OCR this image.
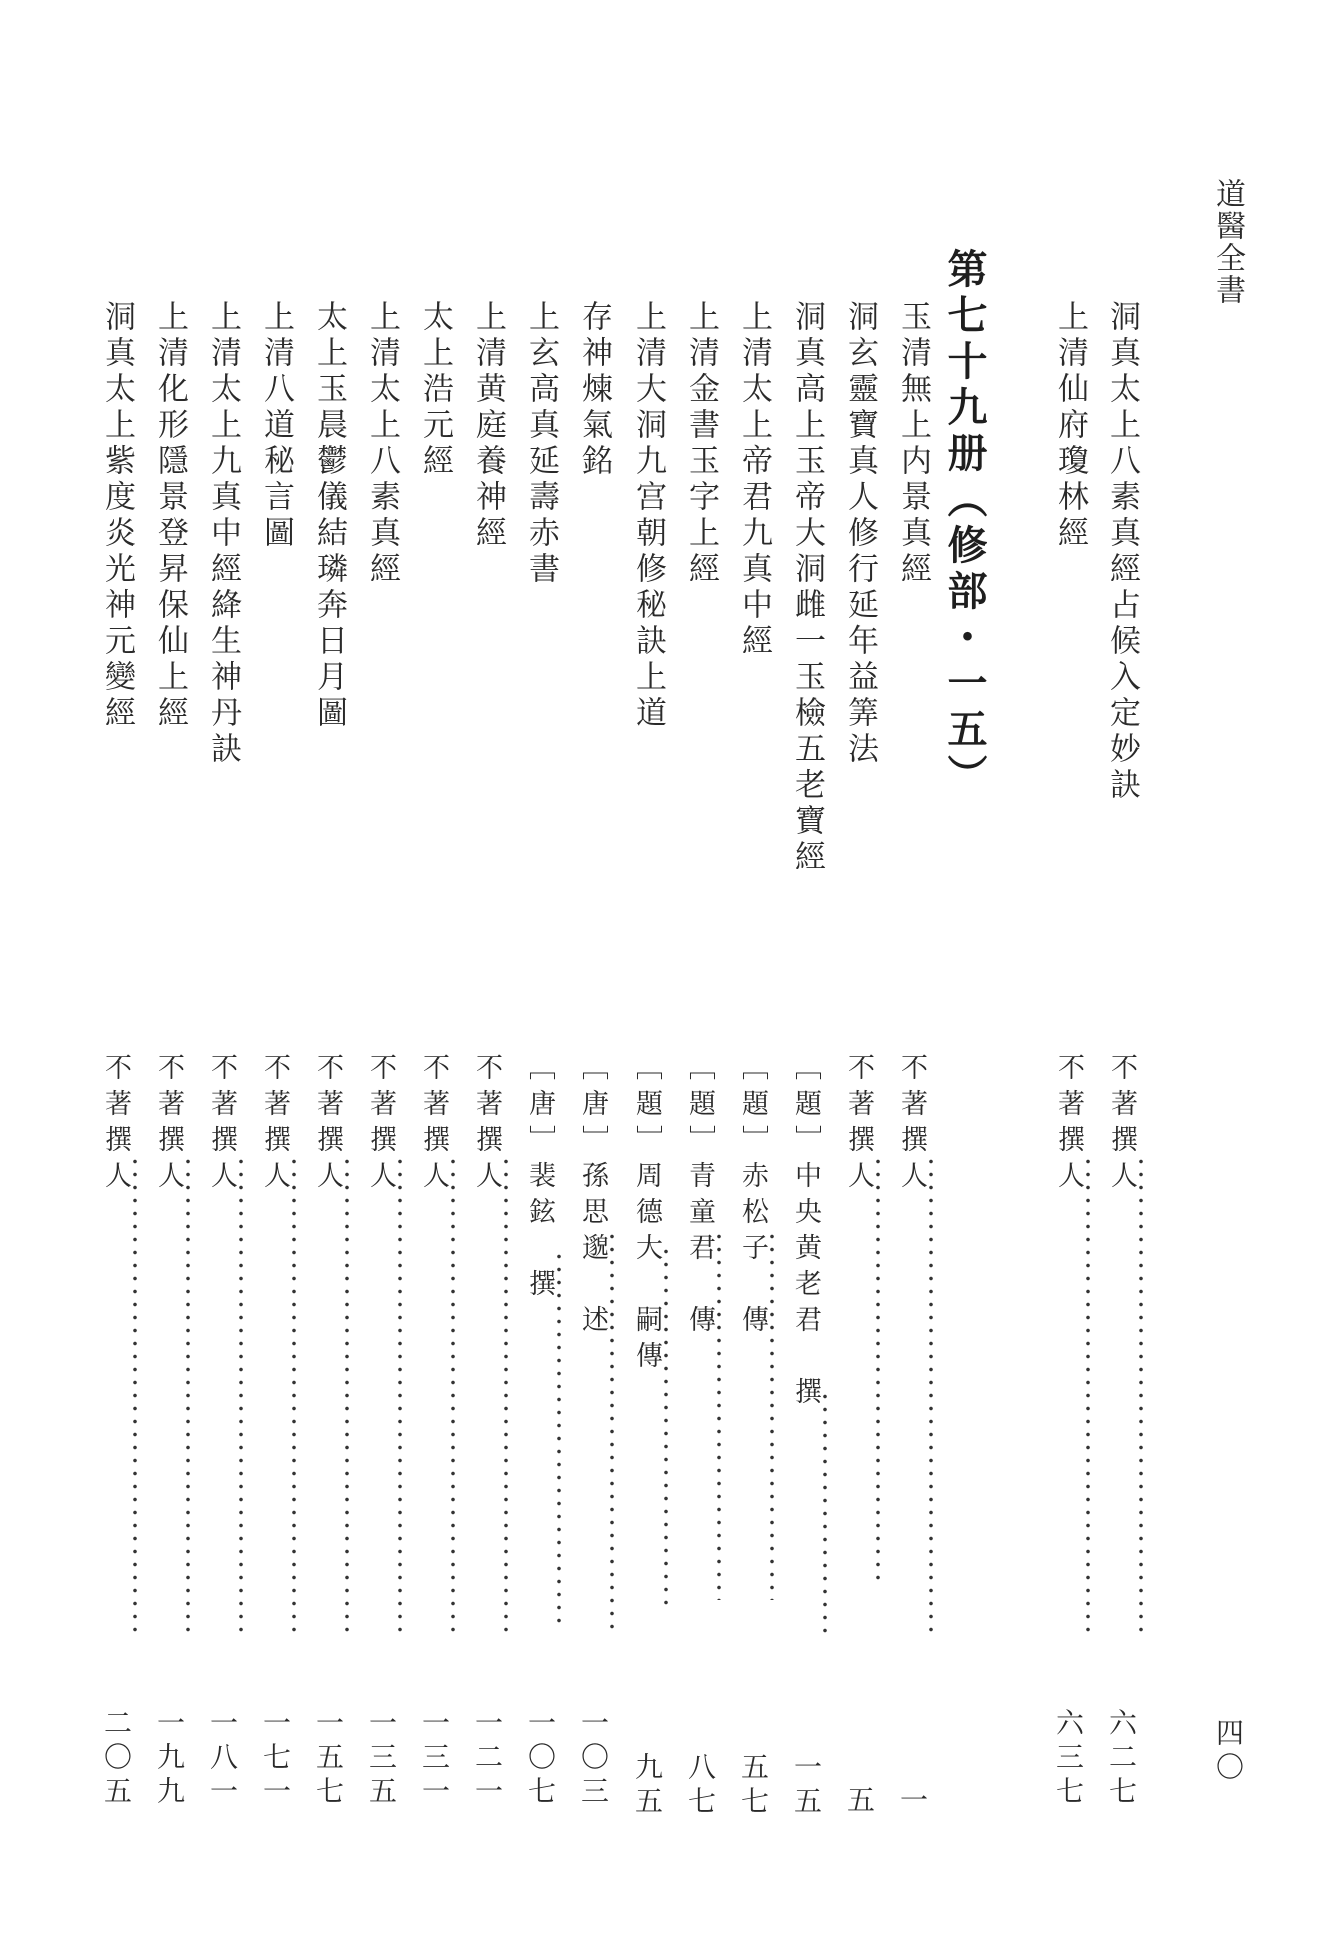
道醫全書
四〇
洞真太上八素真經占候入定妙訣
不著撰人
六二七
上清仙府瓊林經
不著撰人
六三七
第七十九册（修部・一五）
玉清無上内景真經
不著撰人
一
洞玄靈寶真人修行延年益筭法
不著撰人
五
洞真高上玉帝大洞雌一玉檢五老寶經
［題］中央黄老君　撰
一五
上清太上帝君九真中經
［題］赤松子　傳
五七
上清金書玉字上經
［題］青童君　傳
八七
上清大洞九宫朝修秘訣上道
［題］周德大　嗣傳
九五
存神煉氣銘
［唐］孫思邈　述
一〇三
上玄高真延壽赤書
［唐］裴鉉　撰
一〇七
上清黄庭養神經
不著撰人
一二一
太上浩元經
不著撰人
一三一
上清太上八素真經
不著撰人
一三五
太上玉晨鬱儀結璘奔日月圖
不著撰人
一五七
上清八道秘言圖
不著撰人
一七一
上清太上九真中經絳生神丹訣
不著撰人
一八一
上清化形隱景登昇保仙上經
不著撰人
一九九
洞真太上紫度炎光神元變經
不著撰人
二〇五
